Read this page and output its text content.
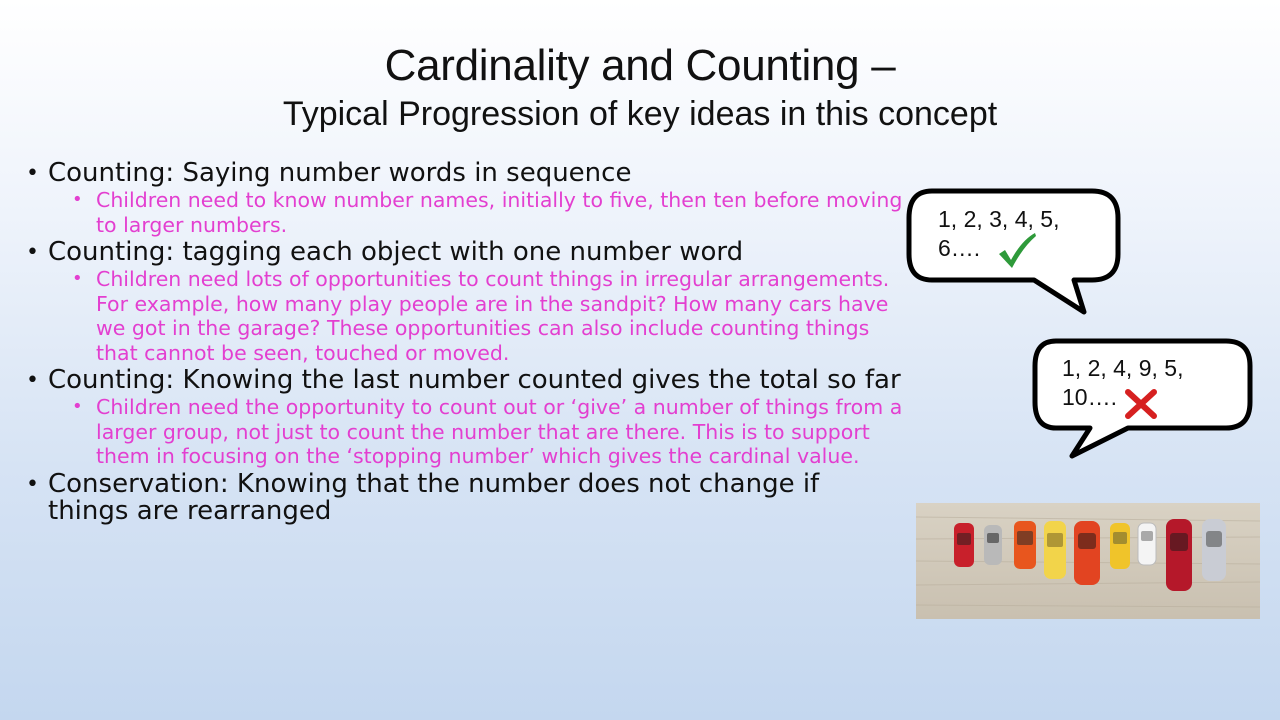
Cardinality and Counting –
Typical Progression of key ideas in this concept
• Counting: Saying number words in sequence
• Children need to know number names, initially to five, then ten before moving to larger numbers.
• Counting: tagging each object with one number word
• Children need lots of opportunities to count things in irregular arrangements. For example, how many play people are in the sandpit? How many cars have we got in the garage? These opportunities can also include counting things that cannot be seen, touched or moved.
• Counting: Knowing the last number counted gives the total so far
• Children need the opportunity to count out or ‘give’ a number of things from a larger group, not just to count the number that are there. This is to support them in focusing on the ‘stopping number’ which gives the cardinal value.
• Conservation: Knowing that the number does not change if things are rearranged
1, 2, 3, 4, 5,
6….
1, 2, 4, 9, 5,
10….
